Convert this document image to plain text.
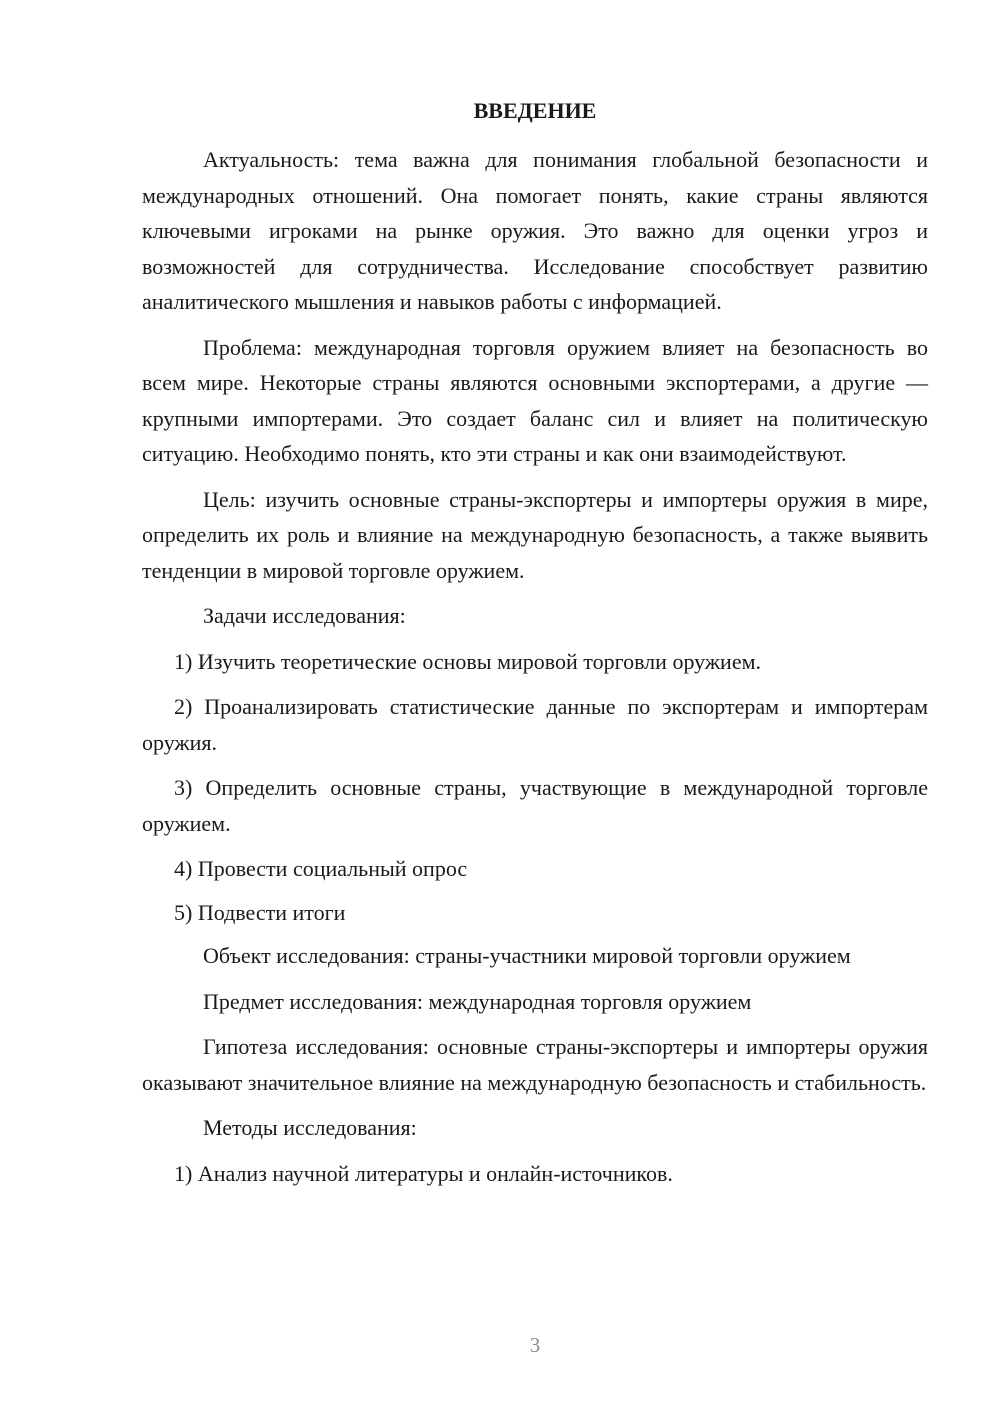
ВВЕДЕНИЕ

Актуальность: тема важна для понимания глобальной безопасности и международных отношений. Она помогает понять, какие страны являются ключевыми игроками на рынке оружия. Это важно для оценки угроз и возможностей для сотрудничества. Исследование способствует развитию аналитического мышления и навыков работы с информацией.

Проблема: международная торговля оружием влияет на безопасность во всем мире. Некоторые страны являются основными экспортерами, а другие — крупными импортерами. Это создает баланс сил и влияет на политическую ситуацию. Необходимо понять, кто эти страны и как они взаимодействуют.

Цель: изучить основные страны-экспортеры и импортеры оружия в мире, определить их роль и влияние на международную безопасность, а также выявить тенденции в мировой торговле оружием.

Задачи исследования:

1) Изучить теоретические основы мировой торговли оружием.

2) Проанализировать статистические данные по экспортерам и импортерам оружия.

3) Определить основные страны, участвующие в международной торговле оружием.

4) Провести социальный опрос

5) Подвести итоги

Объект исследования: страны-участники мировой торговли оружием

Предмет исследования: международная торговля оружием

Гипотеза исследования: основные страны-экспортеры и импортеры оружия оказывают значительное влияние на международную безопасность и стабильность.

Методы исследования:

1) Анализ научной литературы и онлайн-источников.

3
